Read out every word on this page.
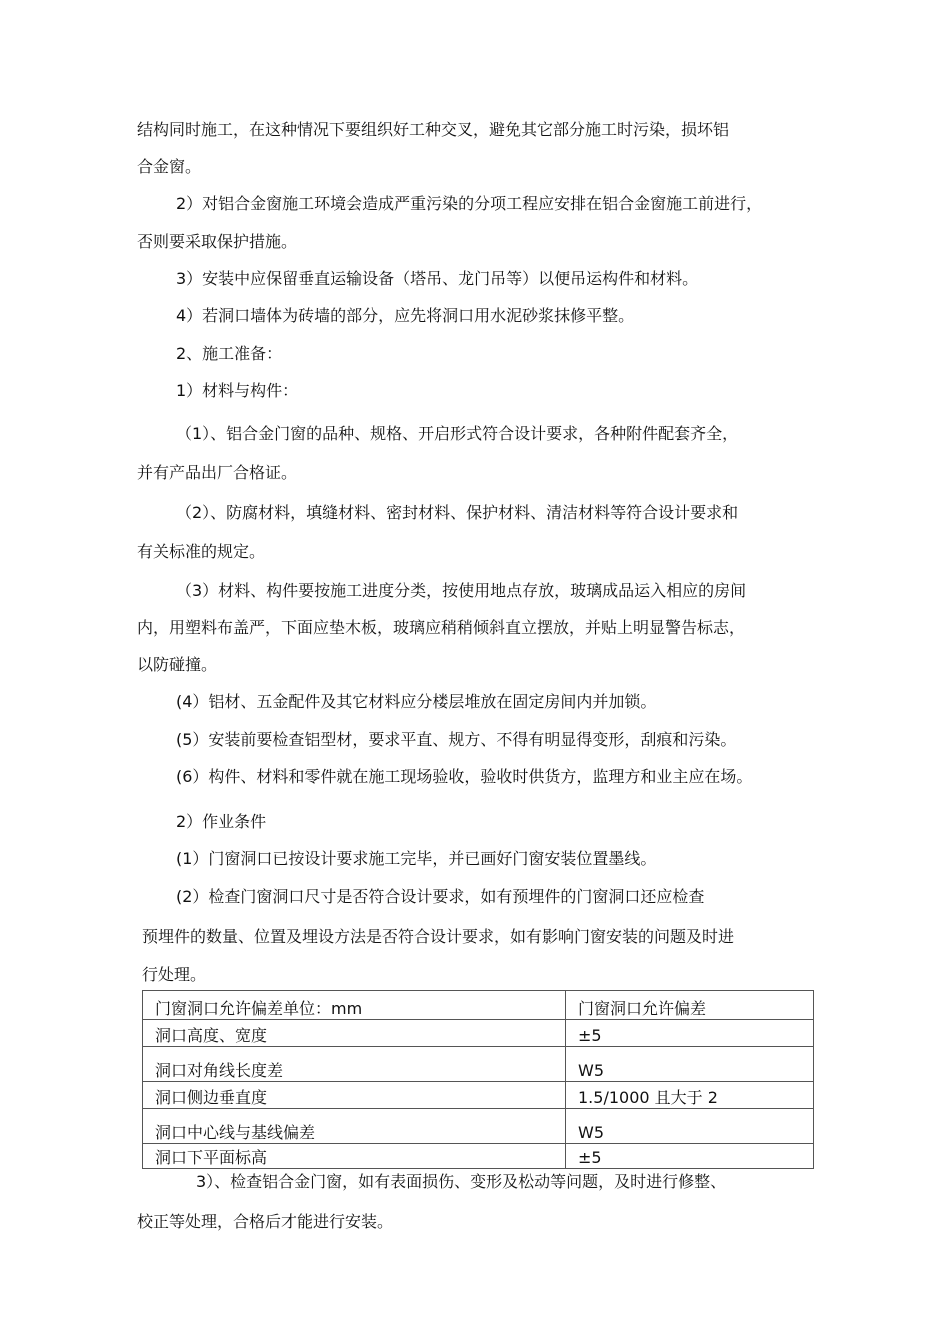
结构同时施工，在这种情况下要组织好工种交叉，避免其它部分施工时污染，损坏铝
合金窗。
2）对铝合金窗施工环境会造成严重污染的分项工程应安排在铝合金窗施工前进行，
否则要采取保护措施。
3）安装中应保留垂直运输设备（塔吊、龙门吊等）以便吊运构件和材料。
4）若洞口墙体为砖墙的部分，应先将洞口用水泥砂浆抹修平整。
2、施工准备：
1）材料与构件：
（1）、铝合金门窗的品种、规格、开启形式符合设计要求，各种附件配套齐全，
并有产品出厂合格证。
（2）、防腐材料，填缝材料、密封材料、保护材料、清洁材料等符合设计要求和
有关标准的规定。
（3）材料、构件要按施工进度分类，按使用地点存放，玻璃成品运入相应的房间
内，用塑料布盖严，下面应垫木板，玻璃应稍稍倾斜直立摆放，并贴上明显警告标志，
以防碰撞。
(4）铝材、五金配件及其它材料应分楼层堆放在固定房间内并加锁。
(5）安装前要检查铝型材，要求平直、规方、不得有明显得变形，刮痕和污染。
(6）构件、材料和零件就在施工现场验收，验收时供货方，监理方和业主应在场。
2）作业条件
(1）门窗洞口已按设计要求施工完毕，并已画好门窗安装位置墨线。
(2）检查门窗洞口尺寸是否符合设计要求，如有预埋件的门窗洞口还应检查
预埋件的数量、位置及埋设方法是否符合设计要求，如有影响门窗安装的问题及时进
行处理。
门窗洞口允许偏差单位：mm	门窗洞口允许偏差
洞口高度、宽度	±5
洞口对角线长度差	W5
洞口侧边垂直度	1.5/1000 且大于 2
洞口中心线与基线偏差	W5
洞口下平面标高	±5
3）、检查铝合金门窗，如有表面损伤、变形及松动等问题，及时进行修整、
校正等处理，合格后才能进行安装。
